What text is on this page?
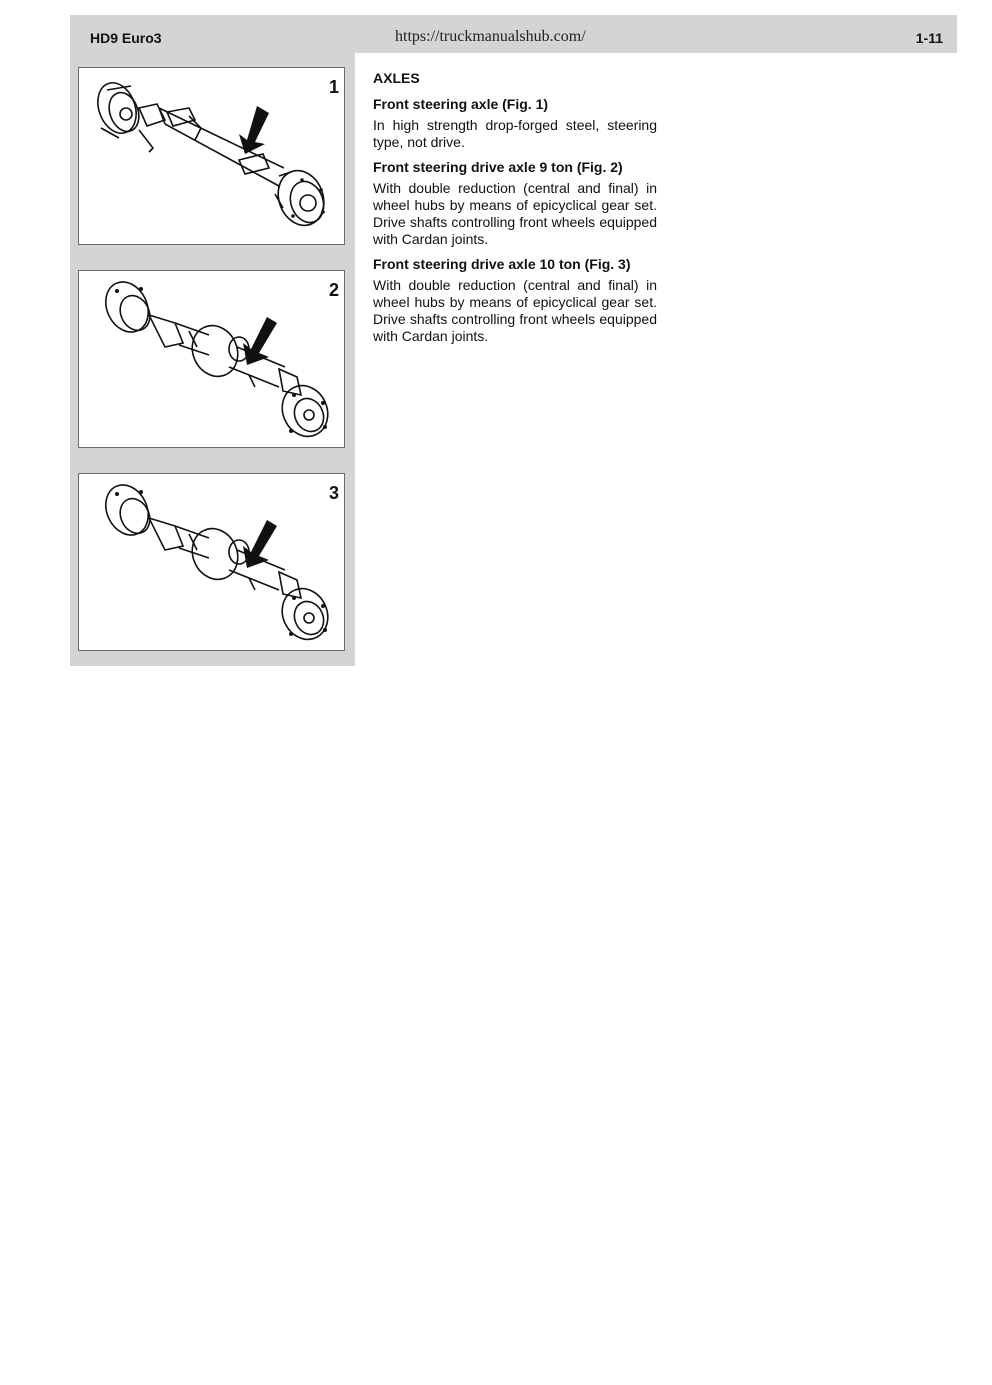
HD9 Euro3	https://truckmanualshub.com/	1-11
1
2
3
AXLES
Front steering axle (Fig. 1)

In high strength drop-forged steel, steering type, not drive.

Front steering drive axle 9 ton (Fig. 2)

With double reduction (central and final) in wheel hubs by means of epicyclical gear set. Drive shafts controlling front wheels equipped with Cardan joints.

Front steering drive axle 10 ton (Fig. 3)

With double reduction (central and final) in wheel hubs by means of epicyclical gear set. Drive shafts controlling front wheels equipped with Cardan joints.
